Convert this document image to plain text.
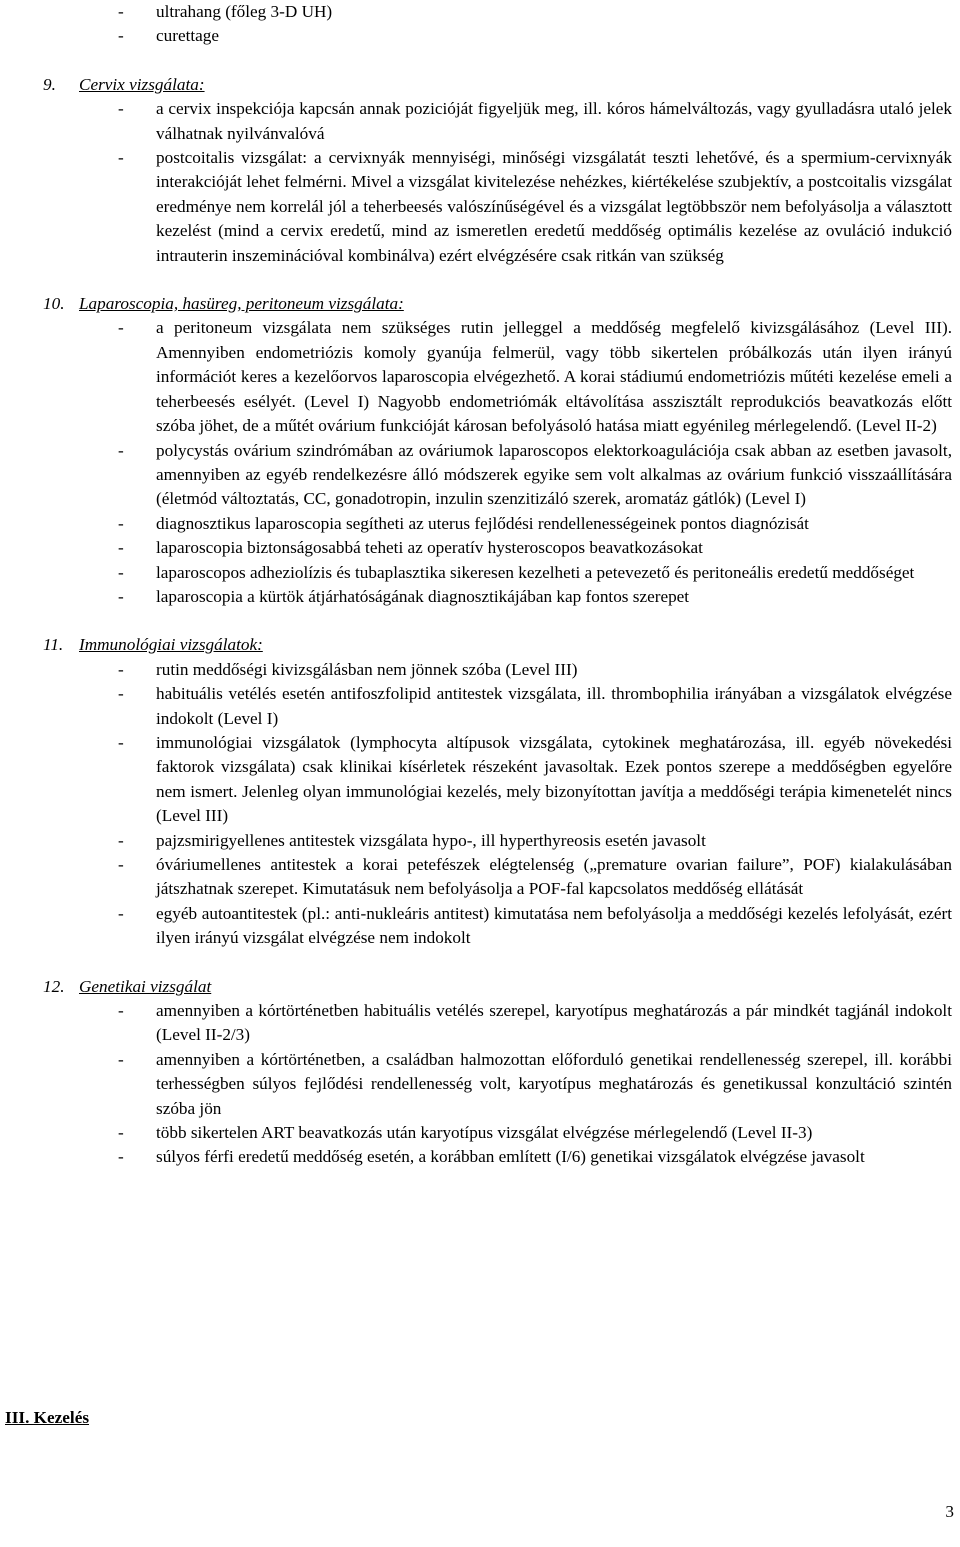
- ultrahang (főleg 3-D UH)
- curettage
9. Cervix vizsgálata:
- a cervix inspekciója kapcsán annak pozicióját figyeljük meg, ill. kóros hámelváltozás, vagy gyulladásra utaló jelek válhatnak nyilvánvalóvá
- postcoitalis vizsgálat: a cervixnyák mennyiségi, minőségi vizsgálatát teszti lehetővé, és a spermium-cervixnyák interakcióját lehet felmérni. Mivel a vizsgálat kivitelezése nehézkes, kiértékelése szubjektív, a postcoitalis vizsgálat eredménye nem korrelál jól a teherbeesés valószínűségével és a vizsgálat legtöbbször nem befolyásolja a választott kezelést (mind a cervix eredetű, mind az ismeretlen eredetű meddőség optimális kezelése az ovuláció indukció intrauterin inszeminációval kombinálva) ezért elvégzésére csak ritkán van szükség
10. Laparoscopia, hasüreg, peritoneum vizsgálata:
- a peritoneum vizsgálata nem szükséges rutin jelleggel a meddőség megfelelő kivizsgálásához (Level III). Amennyiben endometriózis komoly gyanúja felmerül, vagy több sikertelen próbálkozás után ilyen irányú információt keres a kezelőorvos laparoscopia elvégezhető. A korai stádiumú endometriózis műtéti kezelése emeli a teherbeesés esélyét. (Level I) Nagyobb endometriómák eltávolítása asszisztált reprodukciós beavatkozás előtt szóba jöhet, de a műtét ovárium funkcióját károsan befolyásoló hatása miatt egyénileg mérlegelendő. (Level II-2)
- polycystás ovárium szindrómában az ováriumok laparoscopos elektorkoagulációja csak abban az esetben javasolt, amennyiben az egyéb rendelkezésre álló módszerek egyike sem volt alkalmas az ovárium funkció visszaállítására (életmód változtatás, CC, gonadotropin, inzulin szenzitizáló szerek, aromatáz gátlók) (Level I)
- diagnosztikus laparoscopia segítheti az uterus fejlődési rendellenességeinek pontos diagnózisát
- laparoscopia biztonságosabbá teheti az operatív hysteroscopos beavatkozásokat
- laparoscopos adheziolízis és tubaplasztika sikeresen kezelheti a petevezető és peritoneális eredetű meddőséget
- laparoscopia a kürtök átjárhatóságának diagnosztikájában kap fontos szerepet
11. Immunológiai vizsgálatok:
- rutin meddőségi kivizsgálásban nem jönnek szóba (Level III)
- habituális vetélés esetén antifoszfolipid antitestek vizsgálata, ill. thrombophilia irányában a vizsgálatok elvégzése indokolt (Level I)
- immunológiai vizsgálatok (lymphocyta altípusok vizsgálata, cytokinek meghatározása, ill. egyéb növekedési faktorok vizsgálata) csak klinikai kísérletek részeként javasoltak. Ezek pontos szerepe a meddőségben egyelőre nem ismert. Jelenleg olyan immunológiai kezelés, mely bizonyítottan javítja a meddőségi terápia kimenetelét nincs (Level III)
- pajzsmirigyellenes antitestek vizsgálata hypo-, ill hyperthyreosis esetén javasolt
- óváriumellenes antitestek a korai petefészek elégtelenség („premature ovarian failure”, POF) kialakulásában játszhatnak szerepet. Kimutatásuk nem befolyásolja a POF-fal kapcsolatos meddőség ellátását
- egyéb autoantitestek (pl.: anti-nukleáris antitest) kimutatása nem befolyásolja a meddőségi kezelés lefolyását, ezért ilyen irányú vizsgálat elvégzése nem indokolt
12. Genetikai vizsgálat
- amennyiben a kórtörténetben habituális vetélés szerepel, karyotípus meghatározás a pár mindkét tagjánál indokolt (Level II-2/3)
- amennyiben a kórtörténetben, a családban halmozottan előforduló genetikai rendellenesség szerepel, ill. korábbi terhességben súlyos fejlődési rendellenesség volt, karyotípus meghatározás és genetikussal konzultáció szintén szóba jön
- több sikertelen ART beavatkozás után karyotípus vizsgálat elvégzése mérlegelendő (Level II-3)
- súlyos férfi eredetű meddőség esetén, a korábban említett (I/6) genetikai vizsgálatok elvégzése javasolt
III. Kezelés
3
